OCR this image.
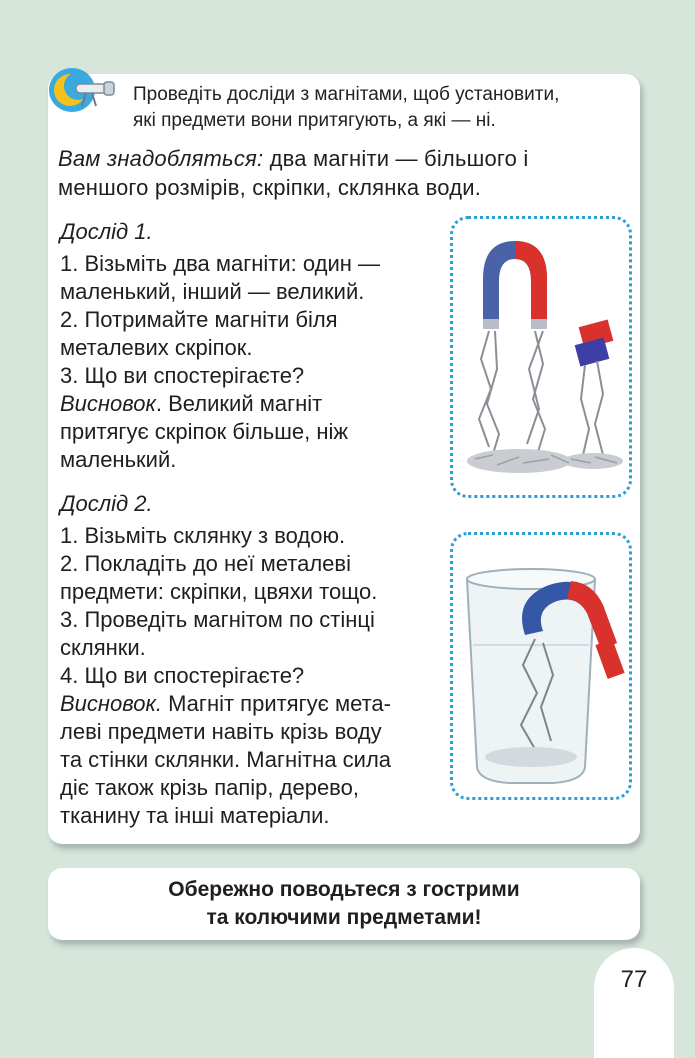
Проведіть досліди з магнітами, щоб установити,
які предмети вони притягують, а які — ні.
Вам знадобляться: два магніти — більшого і
меншого розмірів, скріпки, склянка води.
Дослід 1.
1. Візьміть два магніти: один —
маленький, інший — великий.
2. Потримайте магніти біля
металевих скріпок.
3. Що ви спостерігаєте?
Висновок. Великий магніт
притягує скріпок більше, ніж
маленький.
Дослід 2.
1. Візьміть склянку з водою.
2. Покладіть до неї металеві
предмети: скріпки, цвяхи тощо.
3. Проведіть магнітом по стінці
склянки.
4. Що ви спостерігаєте?
Висновок. Магніт притягує мета-
леві предмети навіть крізь воду
та стінки склянки. Магнітна сила
діє також крізь папір, дерево,
тканину та інші матеріали.
Обережно поводьтеся з гострими
та колючими предметами!
77
